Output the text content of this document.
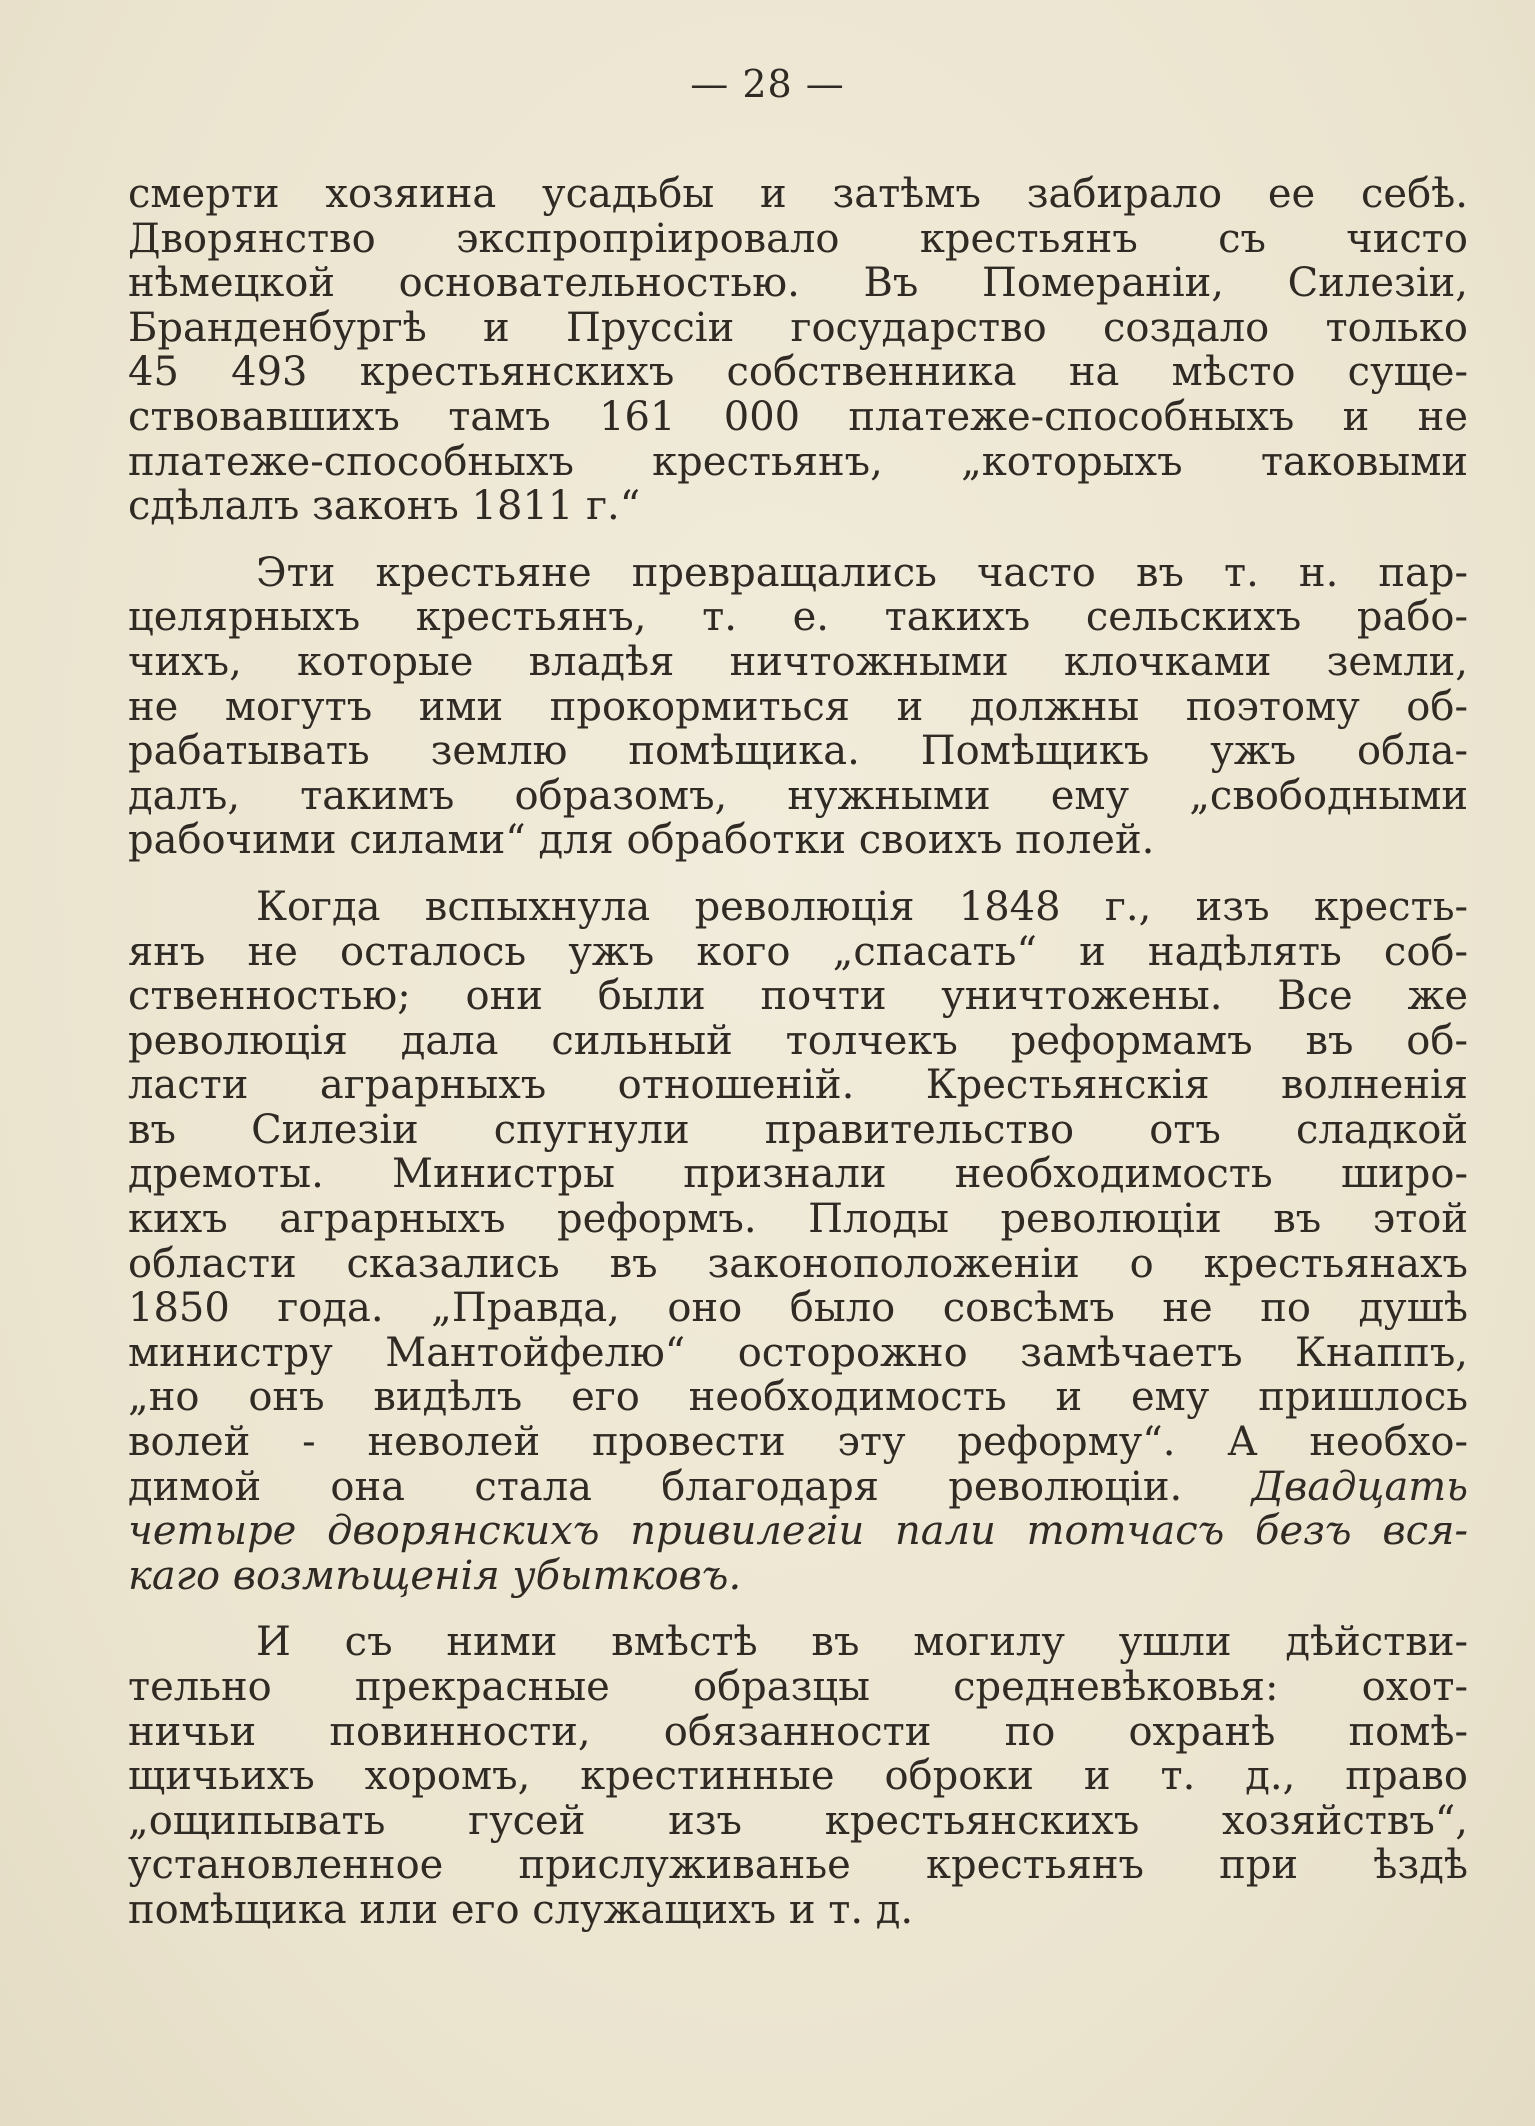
— 28 —
смерти хозяина усадьбы и затѣмъ забирало ее себѣ.
Дворянство экспропріировало крестьянъ съ чисто
нѣмецкой основательностью. Въ Помераніи, Силезіи,
Бранденбургѣ и Пруссіи государство создало только
45 493 крестьянскихъ собственника на мѣсто суще-
ствовавшихъ тамъ 161 000 платеже-способныхъ и не
платеже-способныхъ крестьянъ, „которыхъ таковыми
сдѣлалъ законъ 1811 г.“
Эти крестьяне превращались часто въ т. н. пар-
целярныхъ крестьянъ, т. е. такихъ сельскихъ рабо-
чихъ, которые владѣя ничтожными клочками земли,
не могутъ ими прокормиться и должны поэтому об-
рабатывать землю помѣщика. Помѣщикъ ужъ обла-
далъ, такимъ образомъ, нужными ему „свободными
рабочими силами“ для обработки своихъ полей.
Когда вспыхнула революція 1848 г., изъ кресть-
янъ не осталось ужъ кого „спасать“ и надѣлять соб-
ственностью; они были почти уничтожены. Все же
революція дала сильный толчекъ реформамъ въ об-
ласти аграрныхъ отношеній. Крестьянскія волненія
въ Силезіи спугнули правительство отъ сладкой
дремоты. Министры признали необходимость широ-
кихъ аграрныхъ реформъ. Плоды революціи въ этой
области сказались въ законоположеніи о крестьянахъ
1850 года. „Правда, оно было совсѣмъ не по душѣ
министру Мантойфелю“ осторожно замѣчаетъ Кнаппъ,
„но онъ видѣлъ его необходимость и ему пришлось
волей - неволей провести эту реформу“. А необхо-
димой она стала благодаря революціи. Двадцать
четыре дворянскихъ привилегіи пали тотчасъ безъ вся-
каго возмѣщенія убытковъ.
И съ ними вмѣстѣ въ могилу ушли дѣйстви-
тельно прекрасные образцы средневѣковья: охот-
ничьи повинности, обязанности по охранѣ помѣ-
щичьихъ хоромъ, крестинные оброки и т. д., право
„ощипывать гусей изъ крестьянскихъ хозяйствъ“,
установленное прислуживанье крестьянъ при ѣздѣ
помѣщика или его служащихъ и т. д.
